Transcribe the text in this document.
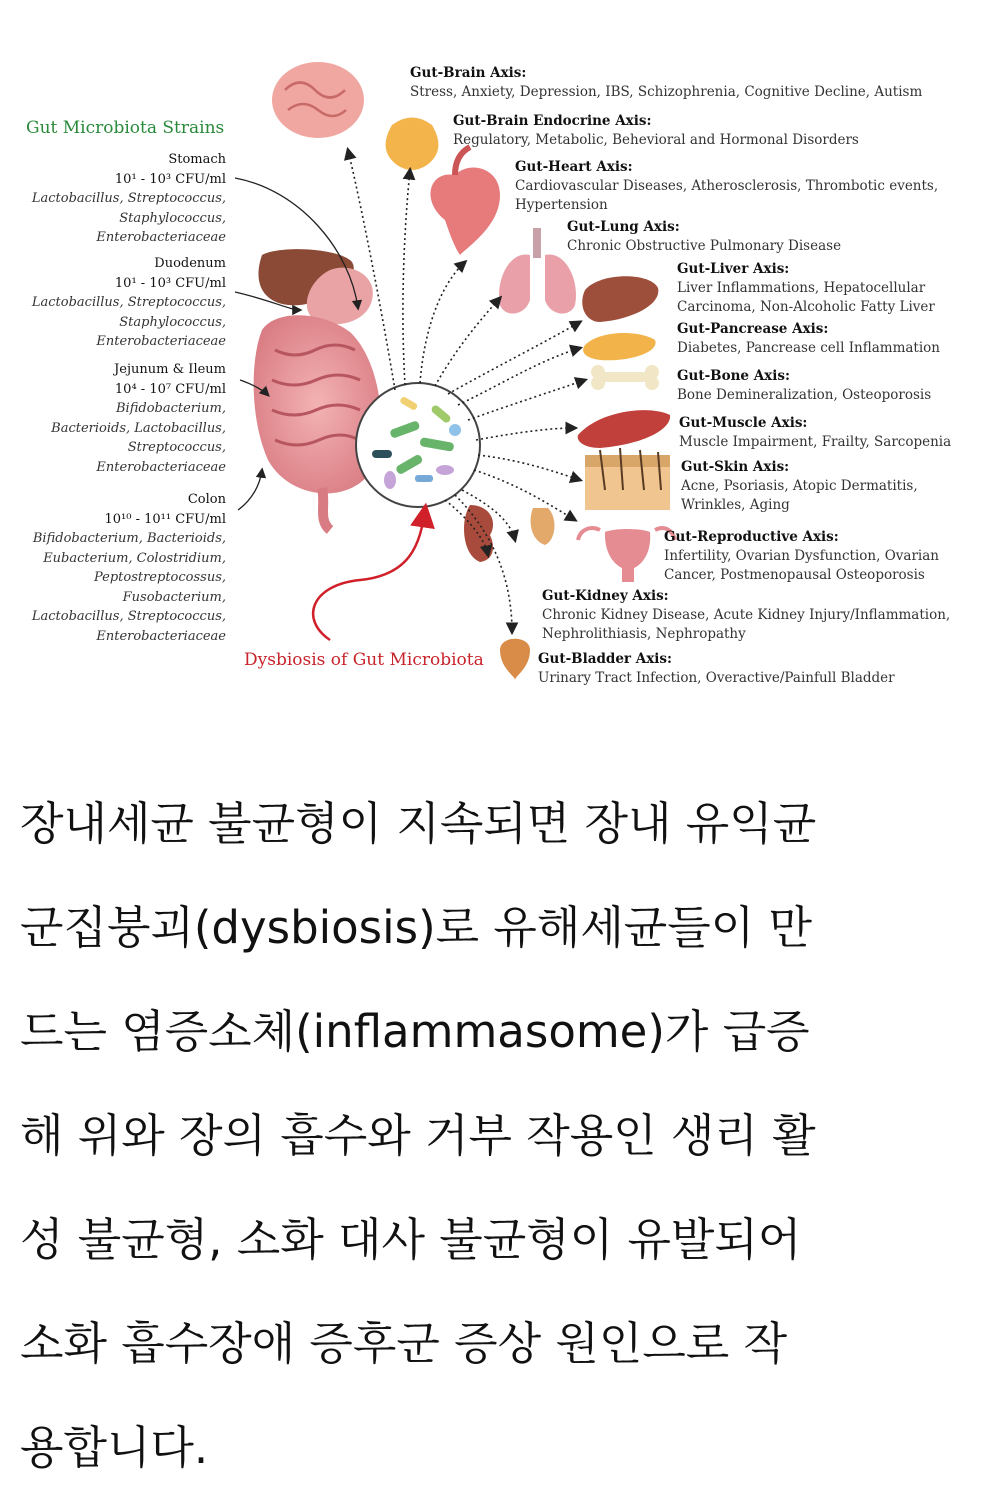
Gut Microbiota Strains
Stomach
10¹ - 10³ CFU/ml
Lactobacillus, Streptococcus,
Staphylococcus,
Enterobacteriaceae
Duodenum
10¹ - 10³ CFU/ml
Lactobacillus, Streptococcus,
Staphylococcus,
Enterobacteriaceae
Jejunum & Ileum
10⁴ - 10⁷ CFU/ml
Bifidobacterium,
Bacterioids, Lactobacillus,
Streptococcus,
Enterobacteriaceae
Colon
10¹⁰ - 10¹¹ CFU/ml
Bifidobacterium, Bacterioids,
Eubacterium, Colostridium,
Peptostreptocossus,
Fusobacterium,
Lactobacillus, Streptococcus,
Enterobacteriaceae
Gut-Brain Axis:
Stress, Anxiety, Depression, IBS, Schizophrenia, Cognitive Decline, Autism
Gut-Brain Endocrine Axis:
Regulatory, Metabolic, Behevioral and Hormonal Disorders
Gut-Heart Axis:
Cardiovascular Diseases, Atherosclerosis, Thrombotic events,
Hypertension
Gut-Lung Axis:
Chronic Obstructive Pulmonary Disease
Gut-Liver Axis:
Liver Inflammations, Hepatocellular
Carcinoma, Non-Alcoholic Fatty Liver
Gut-Pancrease Axis:
Diabetes, Pancrease cell Inflammation
Gut-Bone Axis:
Bone Demineralization, Osteoporosis
Gut-Muscle Axis:
Muscle Impairment, Frailty, Sarcopenia
Gut-Skin Axis:
Acne, Psoriasis, Atopic Dermatitis,
Wrinkles, Aging
Gut-Reproductive Axis:
Infertility, Ovarian Dysfunction, Ovarian
Cancer, Postmenopausal Osteoporosis
Gut-Kidney Axis:
Chronic Kidney Disease, Acute Kidney Injury/Inflammation,
Nephrolithiasis, Nephropathy
Gut-Bladder Axis:
Urinary Tract Infection, Overactive/Painfull Bladder
Dysbiosis of Gut Microbiota
장내세균 불균형이 지속되면 장내 유익균
군집붕괴(dysbiosis)로 유해세균들이 만
드는 염증소체(inflammasome)가 급증
해 위와 장의 흡수와 거부 작용인 생리 활
성 불균형, 소화 대사 불균형이 유발되어
소화 흡수장애 증후군 증상 원인으로 작
용합니다.
